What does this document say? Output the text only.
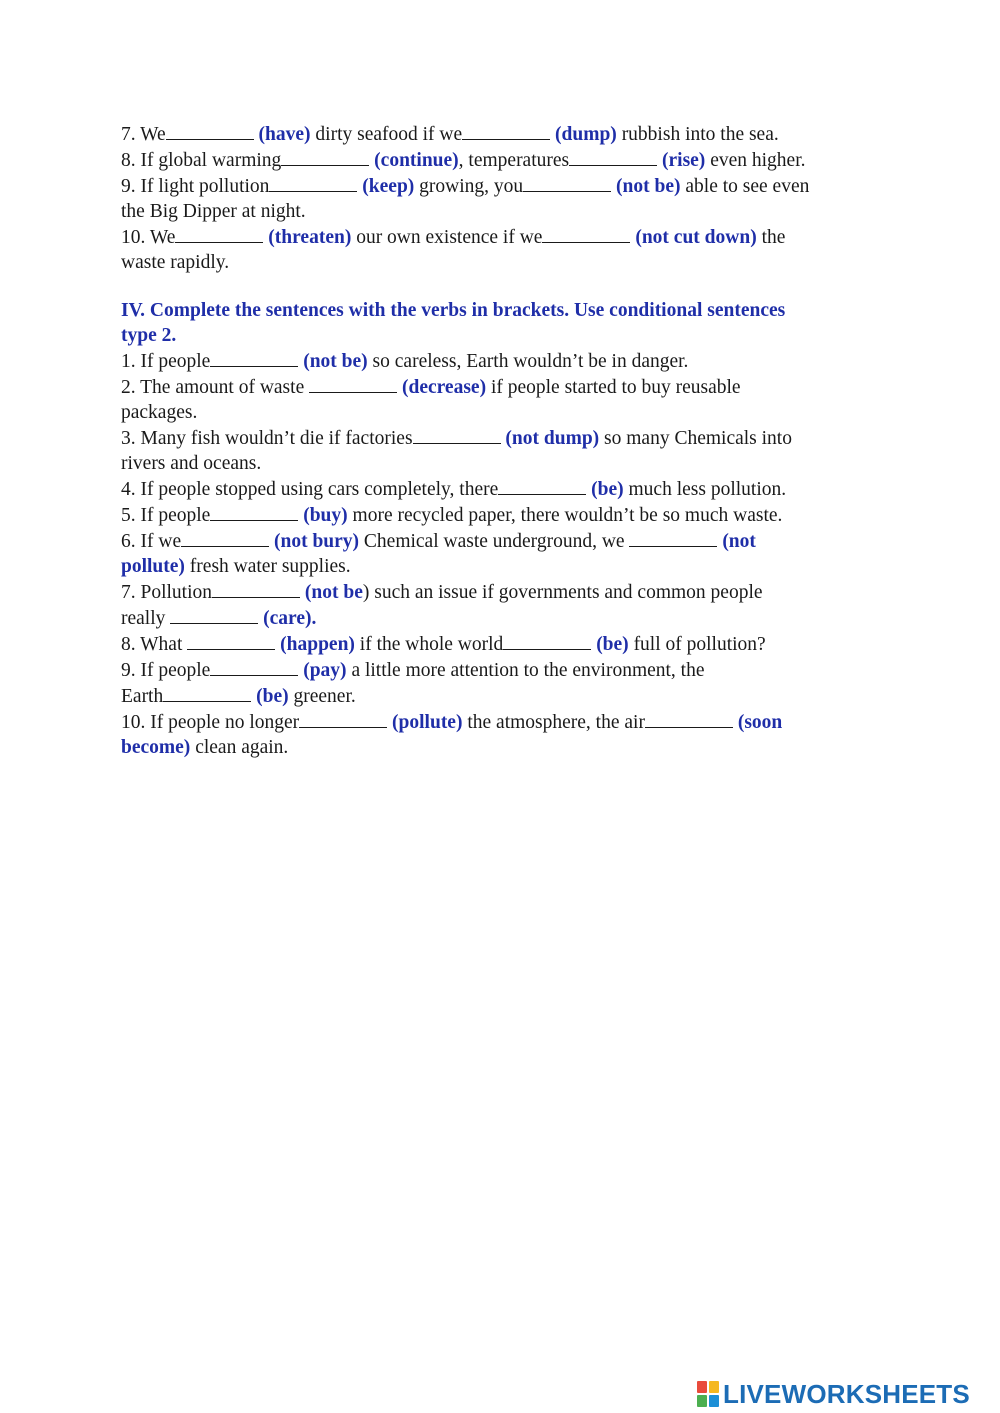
7. We	(have) dirty seafood if we	(dump) rubbish into the sea.
8. If global warming	(continue), temperatures	(rise) even higher.
9. If light pollution	(keep) growing, you	(not be) able to see even
the Big Dipper at night.
10. We	(threaten) our own existence if we	(not cut down) the
waste rapidly.
IV. Complete the sentences with the verbs in brackets. Use conditional sentences
type 2.
1. If people	(not be) so careless, Earth wouldn’t be in danger.
2. The amount of waste	(decrease) if people started to buy reusable
packages.
3. Many fish wouldn’t die if factories	(not dump) so many Chemicals into
rivers and oceans.
4. If people stopped using cars completely, there	(be) much less pollution.
5. If people	(buy) more recycled paper, there wouldn’t be so much waste.
6. If we	(not bury) Chemical waste underground, we	(not
pollute) fresh water supplies.
7. Pollution	(not be) such an issue if governments and common people
really	(care).
8. What	(happen) if the whole world	(be) full of pollution?
9. If people	(pay) a little more attention to the environment, the
Earth	(be) greener.
10. If people no longer	(pollute) the atmosphere, the air	(soon
become) clean again.
LIVEWORKSHEETS
